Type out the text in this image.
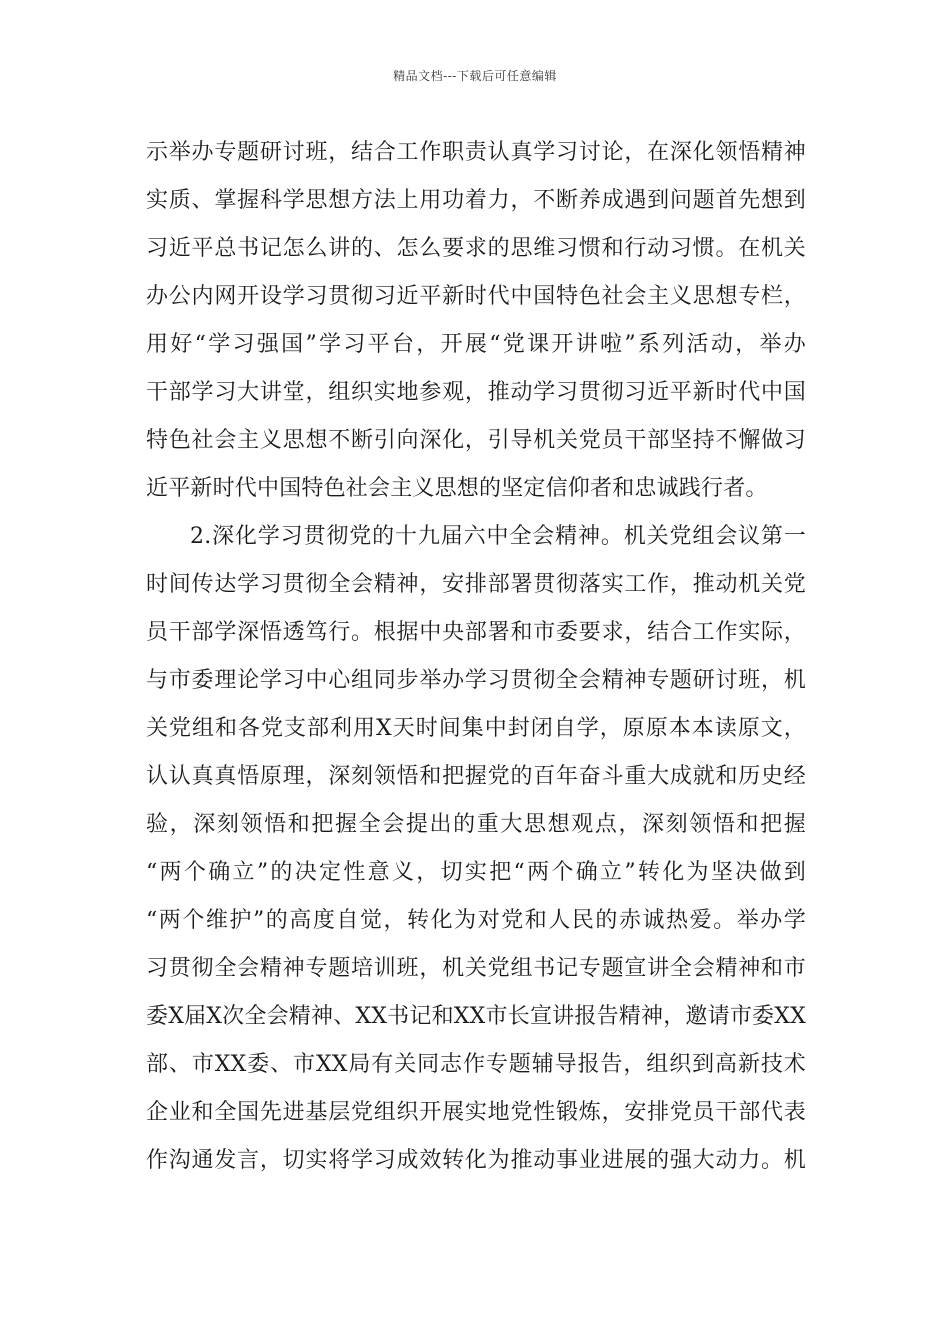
精品文档---下载后可任意编辑
示举办专题研讨班，结合工作职责认真学习讨论，在深化领悟精神
实质、掌握科学思想方法上用功着力，不断养成遇到问题首先想到
习近平总书记怎么讲的、怎么要求的思维习惯和行动习惯。在机关
办公内网开设学习贯彻习近平新时代中国特色社会主义思想专栏，
用好“学习强国”学习平台，开展“党课开讲啦”系列活动，举办
干部学习大讲堂，组织实地参观，推动学习贯彻习近平新时代中国
特色社会主义思想不断引向深化，引导机关党员干部坚持不懈做习
近平新时代中国特色社会主义思想的坚定信仰者和忠诚践行者。
2.深化学习贯彻党的十九届六中全会精神。机关党组会议第一
时间传达学习贯彻全会精神，安排部署贯彻落实工作，推动机关党
员干部学深悟透笃行。根据中央部署和市委要求，结合工作实际，
与市委理论学习中心组同步举办学习贯彻全会精神专题研讨班，机
关党组和各党支部利用X天时间集中封闭自学，原原本本读原文，
认认真真悟原理，深刻领悟和把握党的百年奋斗重大成就和历史经
验，深刻领悟和把握全会提出的重大思想观点，深刻领悟和把握
“两个确立”的决定性意义，切实把“两个确立”转化为坚决做到
“两个维护”的高度自觉，转化为对党和人民的赤诚热爱。举办学
习贯彻全会精神专题培训班，机关党组书记专题宣讲全会精神和市
委X届X次全会精神、XX书记和XX市长宣讲报告精神，邀请市委XX
部、市XX委、市XX局有关同志作专题辅导报告，组织到高新技术
企业和全国先进基层党组织开展实地党性锻炼，安排党员干部代表
作沟通发言，切实将学习成效转化为推动事业进展的强大动力。机
